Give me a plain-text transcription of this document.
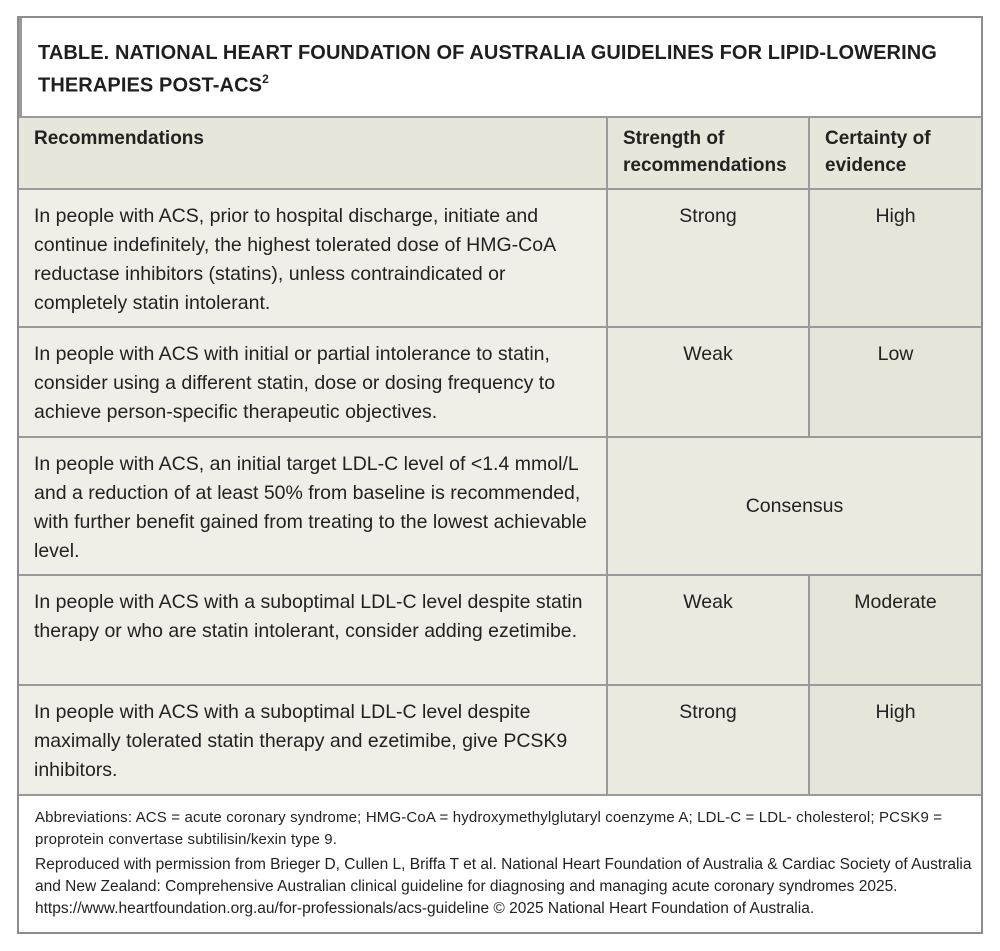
TABLE. NATIONAL HEART FOUNDATION OF AUSTRALIA GUIDELINES FOR LIPID-LOWERING THERAPIES POST-ACS$^2$
Recommendations	Strength of recommendations	Certainty of evidence

In people with ACS, prior to hospital discharge, initiate and continue indefinitely, the highest tolerated dose of HMG-CoA reductase inhibitors (statins), unless contraindicated or completely statin intolerant.	Strong	High

In people with ACS with initial or partial intolerance to statin, consider using a different statin, dose or dosing frequency to achieve person-specific therapeutic objectives.	Weak	Low

In people with ACS, an initial target LDL-C level of <1.4 mmol/L and a reduction of at least 50% from baseline is recommended, with further benefit gained from treating to the lowest achievable level.	Consensus	

In people with ACS with a suboptimal LDL-C level despite statin therapy or who are statin intolerant, consider adding ezetimibe.	Weak	Moderate

In people with ACS with a suboptimal LDL-C level despite maximally tolerated statin therapy and ezetimibe, give PCSK9 inhibitors.	Strong	High

Abbreviations: ACS = acute coronary syndrome; HMG-CoA = hydroxymethylglutaryl coenzyme A; LDL-C = LDL- cholesterol; PCSK9 = proprotein convertase subtilisin/kexin type 9.

Reproduced with permission from Brieger D, Cullen L, Briffa T et al. National Heart Foundation of Australia & Cardiac Society of Australia and New Zealand: Comprehensive Australian clinical guideline for diagnosing and managing acute coronary syndromes 2025. https://www.heartfoundation.org.au/for-professionals/acs-guideline © 2025 National Heart Foundation of Australia.
